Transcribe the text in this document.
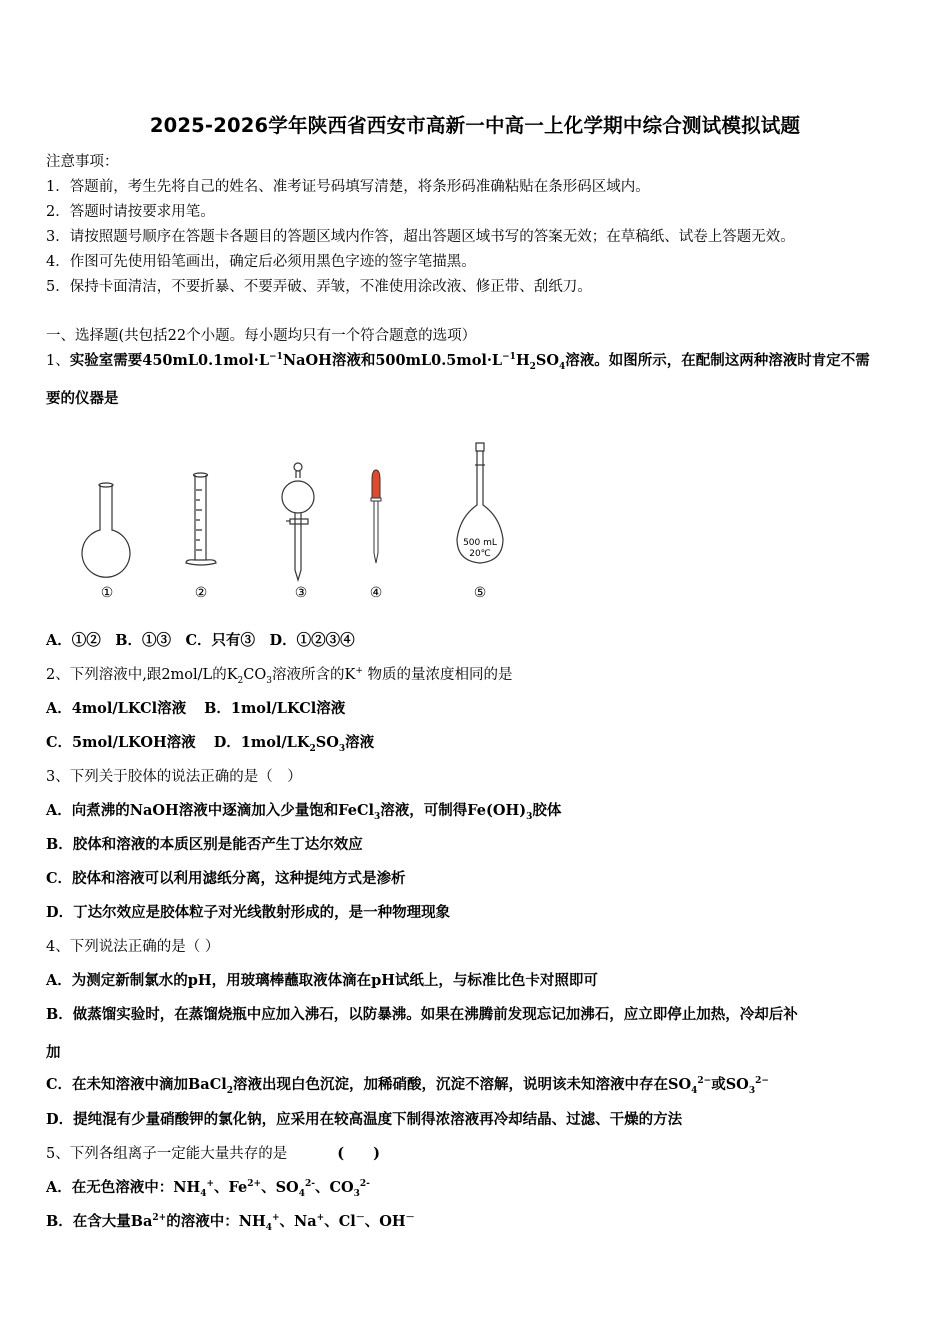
2025-2026学年陕西省西安市高新一中高一上化学期中综合测试模拟试题
注意事项：
1．答题前，考生先将自己的姓名、准考证号码填写清楚，将条形码准确粘贴在条形码区域内。
2．答题时请按要求用笔。
3．请按照题号顺序在答题卡各题目的答题区域内作答，超出答题区域书写的答案无效；在草稿纸、试卷上答题无效。
4．作图可先使用铅笔画出，确定后必须用黑色字迹的签字笔描黑。
5．保持卡面清洁，不要折暴、不要弄破、弄皱，不准使用涂改液、修正带、刮纸刀。
一、选择题(共包括22个小题。每小题均只有一个符合题意的选项）
1、实验室需要$450mL0.1mol\cdot L^{-1}NaOH$溶液和$500mL0.5mol\cdot L^{-1}H_2SO_4$溶液。如图所示，在配制这两种溶液时肯定不需
要的仪器是
500 mL
20℃
①	②	③	④	⑤
A．①②　B．①③　C．只有③　D．①②③④
2、下列溶液中,跟2mol/L的$K_2CO_3$溶液所含的K+ 物质的量浓度相同的是
A．4mol/LKCl溶液 B．1mol/LKCl溶液
C．5mol/LKOH溶液 D．$1mol/LK_2SO_3$溶液
3、下列关于胶体的说法正确的是（　）
A．向煮沸的NaOH溶液中逐滴加入少量饱和FeCl$_3$溶液，可制得$Fe(OH)_3$胶体
B．胶体和溶液的本质区别是能否产生丁达尔效应
C．胶体和溶液可以利用滤纸分离，这种提纯方式是渗析
D．丁达尔效应是胶体粒子对光线散射形成的，是一种物理现象
4、下列说法正确的是（ ）
A．为测定新制氯水的pH，用玻璃棒蘸取液体滴在pH试纸上，与标准比色卡对照即可
B．做蒸馏实验时，在蒸馏烧瓶中应加入沸石，以防暴沸。如果在沸腾前发现忘记加沸石，应立即停止加热，冷却后补
加
C．在未知溶液中滴加BaCl$_2$溶液出现白色沉淀，加稀硝酸，沉淀不溶解，说明该未知溶液中存在$SO_4^{2-}$或$SO_3^{2-}$
D．提纯混有少量硝酸钾的氯化钠，应采用在较高温度下制得浓溶液再冷却结晶、过滤、干燥的方法
5、下列各组离子一定能大量共存的是	(　　)
A．在无色溶液中：$NH_4^+$、$Fe^{2+}$、$SO_4^{2-}$、$CO_3^{2-}$
B．在含大量$Ba^{2+}$的溶液中：$NH_4^+$、Na+、Cl－、OH－
